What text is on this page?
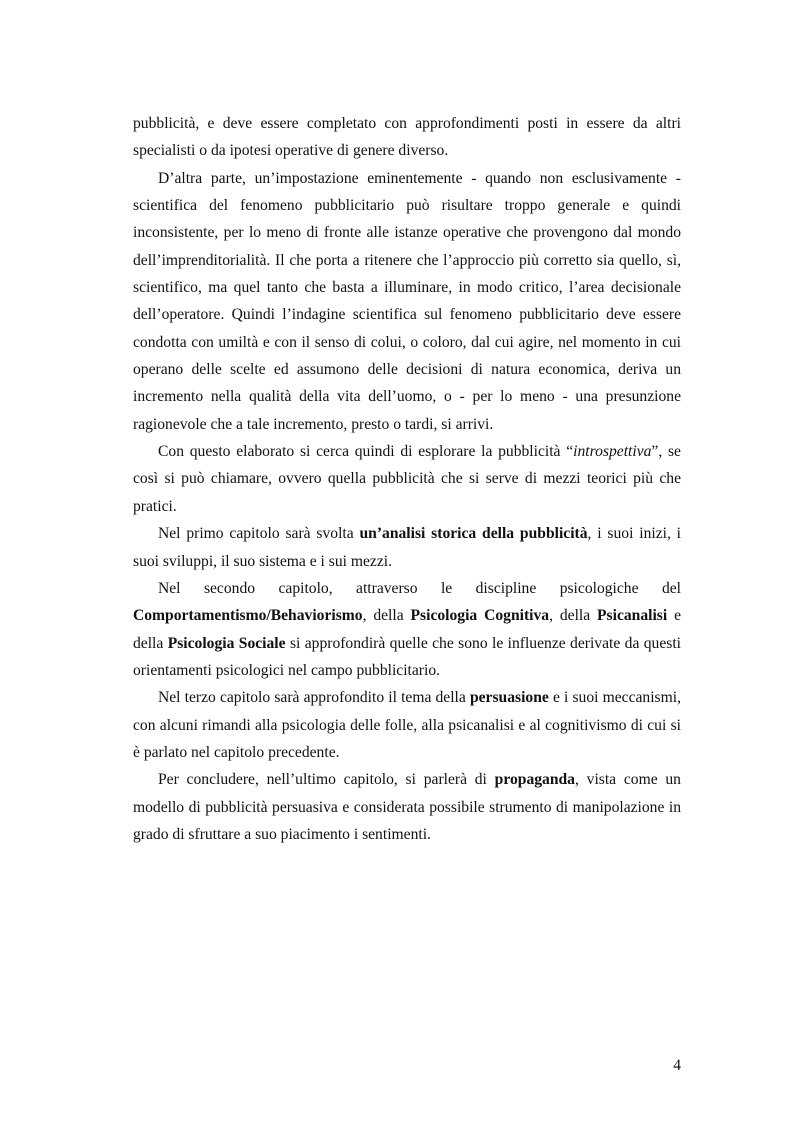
pubblicità, e deve essere completato con approfondimenti posti in essere da altri specialisti o da ipotesi operative di genere diverso.

D’altra parte, un’impostazione eminentemente - quando non esclusivamente - scientifica del fenomeno pubblicitario può risultare troppo generale e quindi inconsistente, per lo meno di fronte alle istanze operative che provengono dal mondo dell’imprenditorialità. Il che porta a ritenere che l’approccio più corretto sia quello, sì, scientifico, ma quel tanto che basta a illuminare, in modo critico, l’area decisionale dell’operatore. Quindi l’indagine scientifica sul fenomeno pubblicitario deve essere condotta con umiltà e con il senso di colui, o coloro, dal cui agire, nel momento in cui operano delle scelte ed assumono delle decisioni di natura economica, deriva un incremento nella qualità della vita dell’uomo, o - per lo meno - una presunzione ragionevole che a tale incremento, presto o tardi, si arrivi.

Con questo elaborato si cerca quindi di esplorare la pubblicità “introspettiva”, se così si può chiamare, ovvero quella pubblicità che si serve di mezzi teorici più che pratici.

Nel primo capitolo sarà svolta un’analisi storica della pubblicità, i suoi inizi, i suoi sviluppi, il suo sistema e i sui mezzi.

Nel secondo capitolo, attraverso le discipline psicologiche del Comportamentismo/Behaviorismo, della Psicologia Cognitiva, della Psicanalisi e della Psicologia Sociale si approfondirà quelle che sono le influenze derivate da questi orientamenti psicologici nel campo pubblicitario.

Nel terzo capitolo sarà approfondito il tema della persuasione e i suoi meccanismi, con alcuni rimandi alla psicologia delle folle, alla psicanalisi e al cognitivismo di cui si è parlato nel capitolo precedente.

Per concludere, nell’ultimo capitolo, si parlerà di propaganda, vista come un modello di pubblicità persuasiva e considerata possibile strumento di manipolazione in grado di sfruttare a suo piacimento i sentimenti.

4
